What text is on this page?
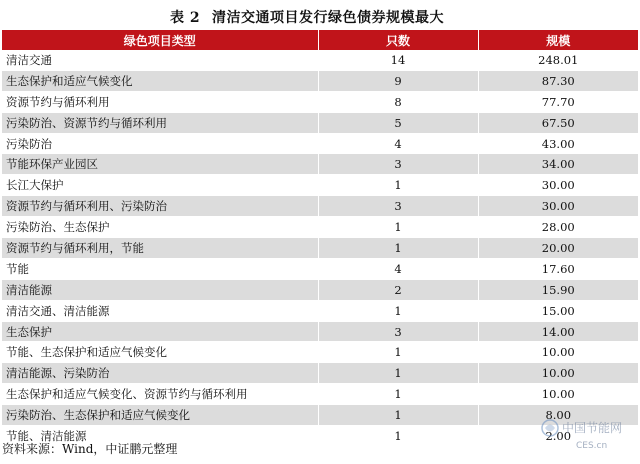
表 2 清洁交通项目发行绿色债券规模最大
绿色项目类型	只数	规模
清洁交通	14	248.01
生态保护和适应气候变化	9	87.30
资源节约与循环利用	8	77.70
污染防治、资源节约与循环利用	5	67.50
污染防治	4	43.00
节能环保产业园区	3	34.00
长江大保护	1	30.00
资源节约与循环利用、污染防治	3	30.00
污染防治、生态保护	1	28.00
资源节约与循环利用，节能	1	20.00
节能	4	17.60
清洁能源	2	15.90
清洁交通、清洁能源	1	15.00
生态保护	3	14.00
节能、生态保护和适应气候变化	1	10.00
清洁能源、污染防治	1	10.00
生态保护和适应气候变化、资源节约与循环利用	1	10.00
污染防治、生态保护和适应气候变化	1	8.00
节能、清洁能源	1	2.00
资料来源：Wind，中证鹏元整理
中国节能网
CES.cn
